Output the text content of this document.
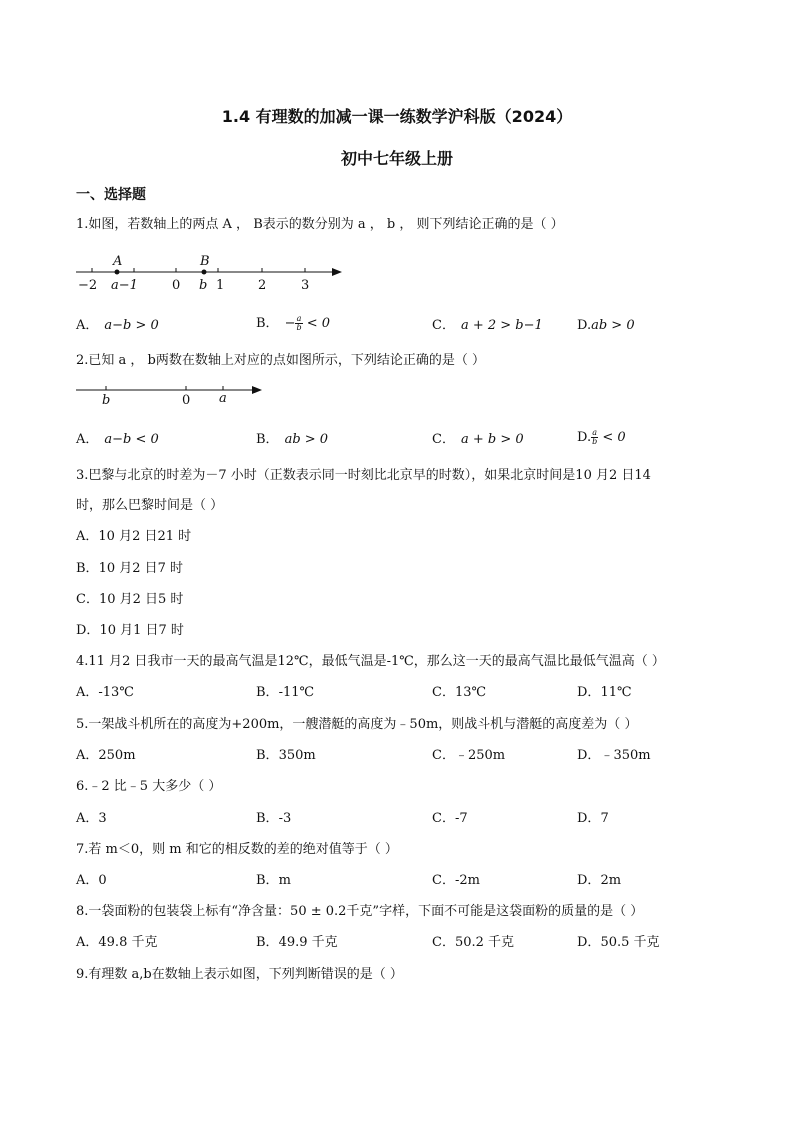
1.4 有理数的加减一课一练数学沪科版（2024）
初中七年级上册
一、选择题
1.如图，若数轴上的两点 A ， B表示的数分别为 a ， b ， 则下列结论正确的是（ ）
A	B
−2 a−1	0 b 1	2	3
A． a−b > 0	B． − $\frac{a}{b} < 0$	C． a + 2 > b−1	D.ab > 0
2.已知 a ， b两数在数轴上对应的点如图所示，下列结论正确的是（ ）
b	0 a
A． a−b < 0	B． ab > 0	C． a + b > 0	D. $\frac{a}{b} < 0$
3.巴黎与北京的时差为－7 小时（正数表示同一时刻比北京早的时数），如果北京时间是10 月2 日14
时，那么巴黎时间是（ ）
A．10 月2 日21 时
B．10 月2 日7 时
C．10 月2 日5 时
D．10 月1 日7 时
4.11 月2 日我市一天的最高气温是12℃，最低气温是-1℃，那么这一天的最高气温比最低气温高（ ）
A．-13℃	B．-11℃	C．13℃	D．11℃
5.一架战斗机所在的高度为+200m，一艘潜艇的高度为﹣50m，则战斗机与潜艇的高度差为（ ）
A．250m	B．350m	C．﹣250m	D．﹣350m
6.﹣2 比﹣5 大多少（ ）
A．3	B．-3	C．-7	D．7
7.若 m＜0，则 m 和它的相反数的差的绝对值等于（ ）
A．0	B．m	C．-2m	D．2m
8.一袋面粉的包装袋上标有“净含量：50 ± 0.2千克”字样，下面不可能是这袋面粉的质量的是（ ）
A．49.8 千克	B．49.9 千克	C．50.2 千克	D．50.5 千克
9.有理数 a,b在数轴上表示如图，下列判断错误的是（ ）
